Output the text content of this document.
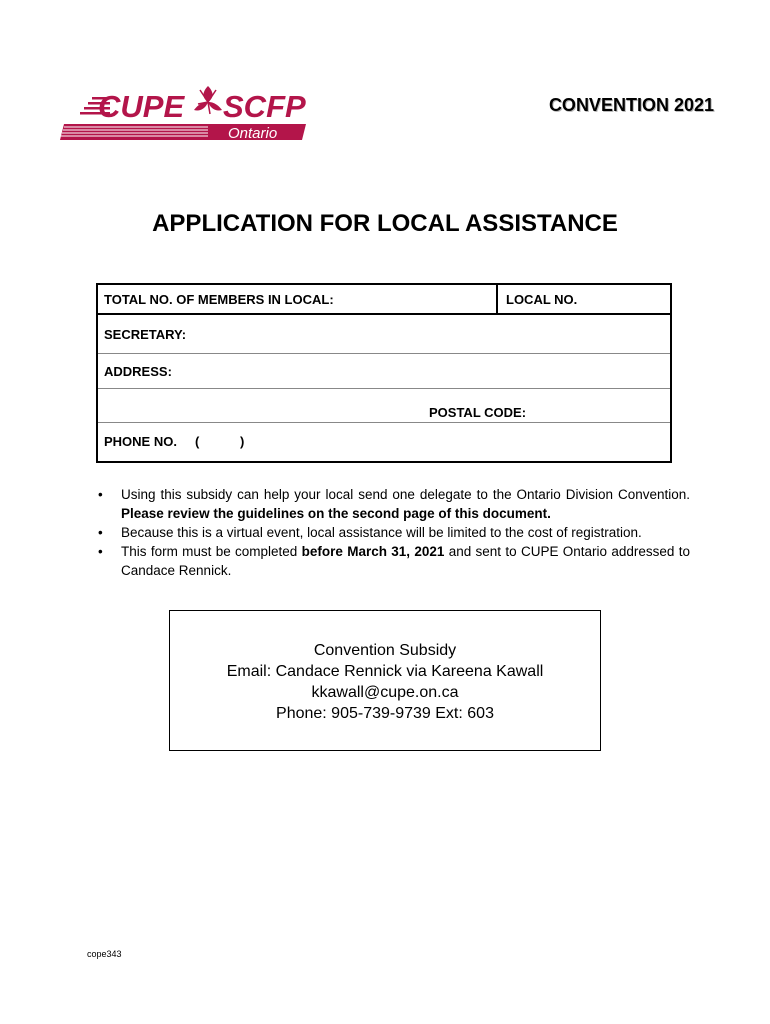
CUPE SCFP
Ontario
CONVENTION 2021
APPLICATION FOR LOCAL ASSISTANCE
TOTAL NO. OF MEMBERS IN LOCAL:	LOCAL NO.
SECRETARY:
ADDRESS:
POSTAL CODE:
PHONE NO. (	)
• Using this subsidy can help your local send one delegate to the Ontario Division Convention. Please review the guidelines on the second page of this document.
• Because this is a virtual event, local assistance will be limited to the cost of registration.
• This form must be completed before March 31, 2021 and sent to CUPE Ontario addressed to Candace Rennick.
Convention Subsidy
Email: Candace Rennick via Kareena Kawall
kkawall@cupe.on.ca
Phone: 905-739-9739 Ext: 603
cope343
